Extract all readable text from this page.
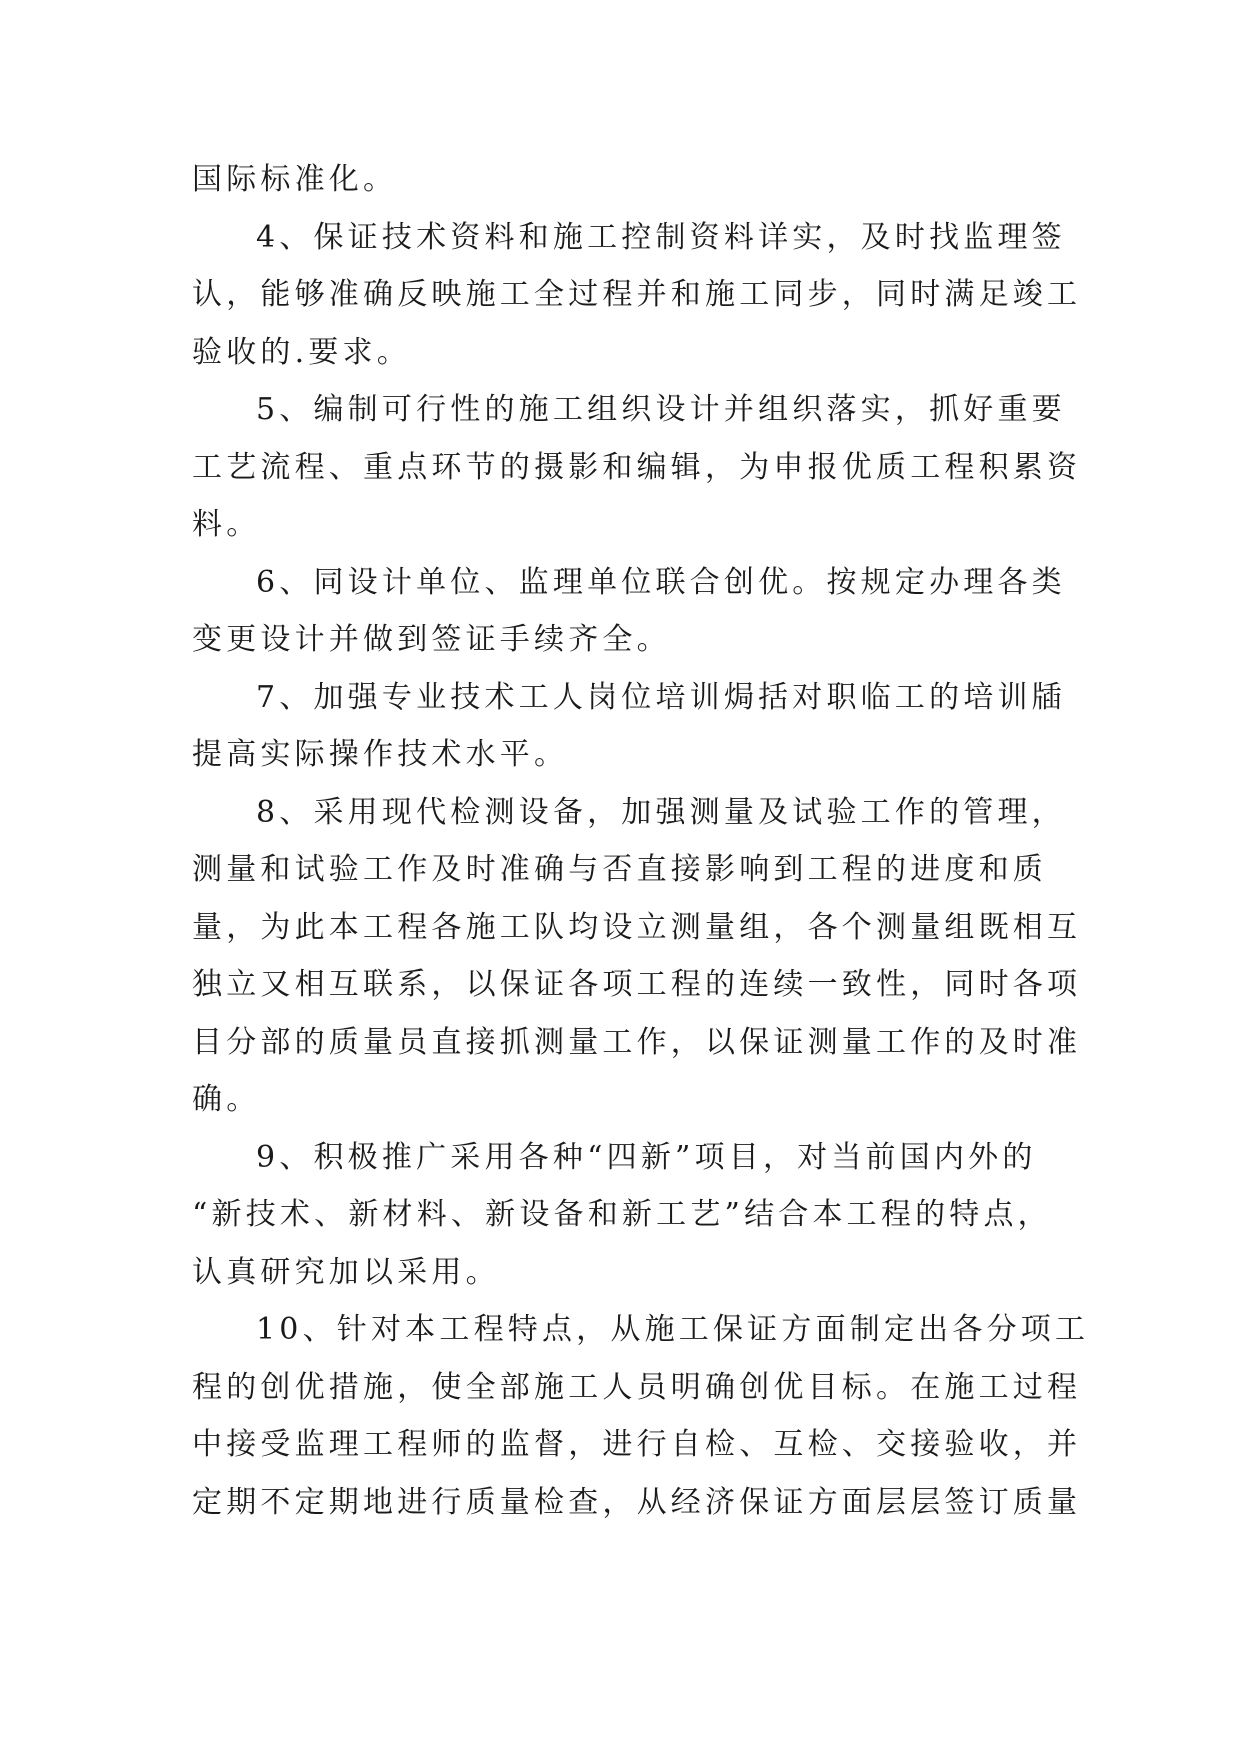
国际标准化。

4、保证技术资料和施工控制资料详实，及时找监理签

认，能够准确反映施工全过程并和施工同步，同时满足竣工

验收的.要求。

5、编制可行性的施工组织设计并组织落实，抓好重要

工艺流程、重点环节的摄影和编辑，为申报优质工程积累资

料。

6、同设计单位、监理单位联合创优。按规定办理各类

变更设计并做到签证手续齐全。

7、加强专业技术工人岗位培训焗括对职临工的培训牐

提高实际操作技术水平。

8、采用现代检测设备，加强测量及试验工作的管理，

测量和试验工作及时准确与否直接影响到工程的进度和质

量，为此本工程各施工队均设立测量组，各个测量组既相互

独立又相互联系，以保证各项工程的连续一致性，同时各项

目分部的质量员直接抓测量工作，以保证测量工作的及时准

确。

9、积极推广采用各种“四新”项目，对当前国内外的

“新技术、新材料、新设备和新工艺”结合本工程的特点，

认真研究加以采用。

10、针对本工程特点，从施工保证方面制定出各分项工

程的创优措施，使全部施工人员明确创优目标。在施工过程

中接受监理工程师的监督，进行自检、互检、交接验收，并

定期不定期地进行质量检查，从经济保证方面层层签订质量
